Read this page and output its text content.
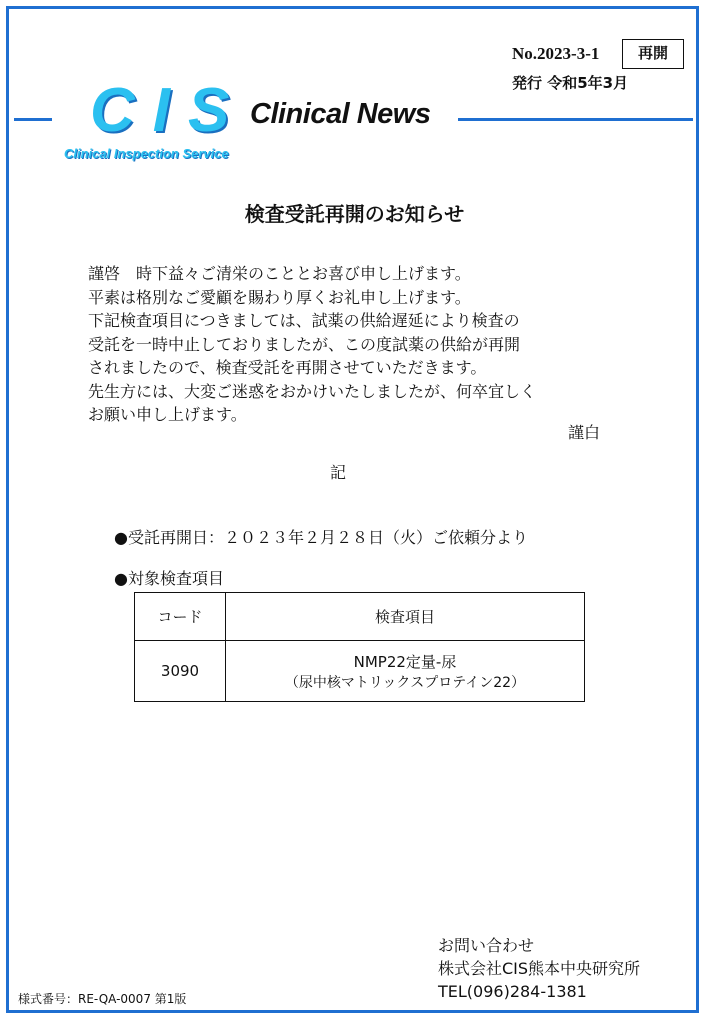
No.2023-3-1	再開
発行 令和5年3月
CIS
Clinical Inspection Service
Clinical News
検査受託再開のお知らせ
謹啓　時下益々ご清栄のこととお喜び申し上げます。
平素は格別なご愛顧を賜わり厚くお礼申し上げます。
下記検査項目につきましては、試薬の供給遅延により検査の
受託を一時中止しておりましたが、この度試薬の供給が再開
されましたので、検査受託を再開させていただきます。
先生方には、大変ご迷惑をおかけいたしましたが、何卒宜しく
お願い申し上げます。
謹白
記
●受託再開日：２０２３年２月２８日（火）ご依頼分より
●対象検査項目
コード	検査項目
3090	NMP22定量-尿
（尿中核マトリックスプロテイン22）
お問い合わせ
株式会社CIS熊本中央研究所
TEL(096)284-1381
様式番号：RE-QA-0007 第1版
